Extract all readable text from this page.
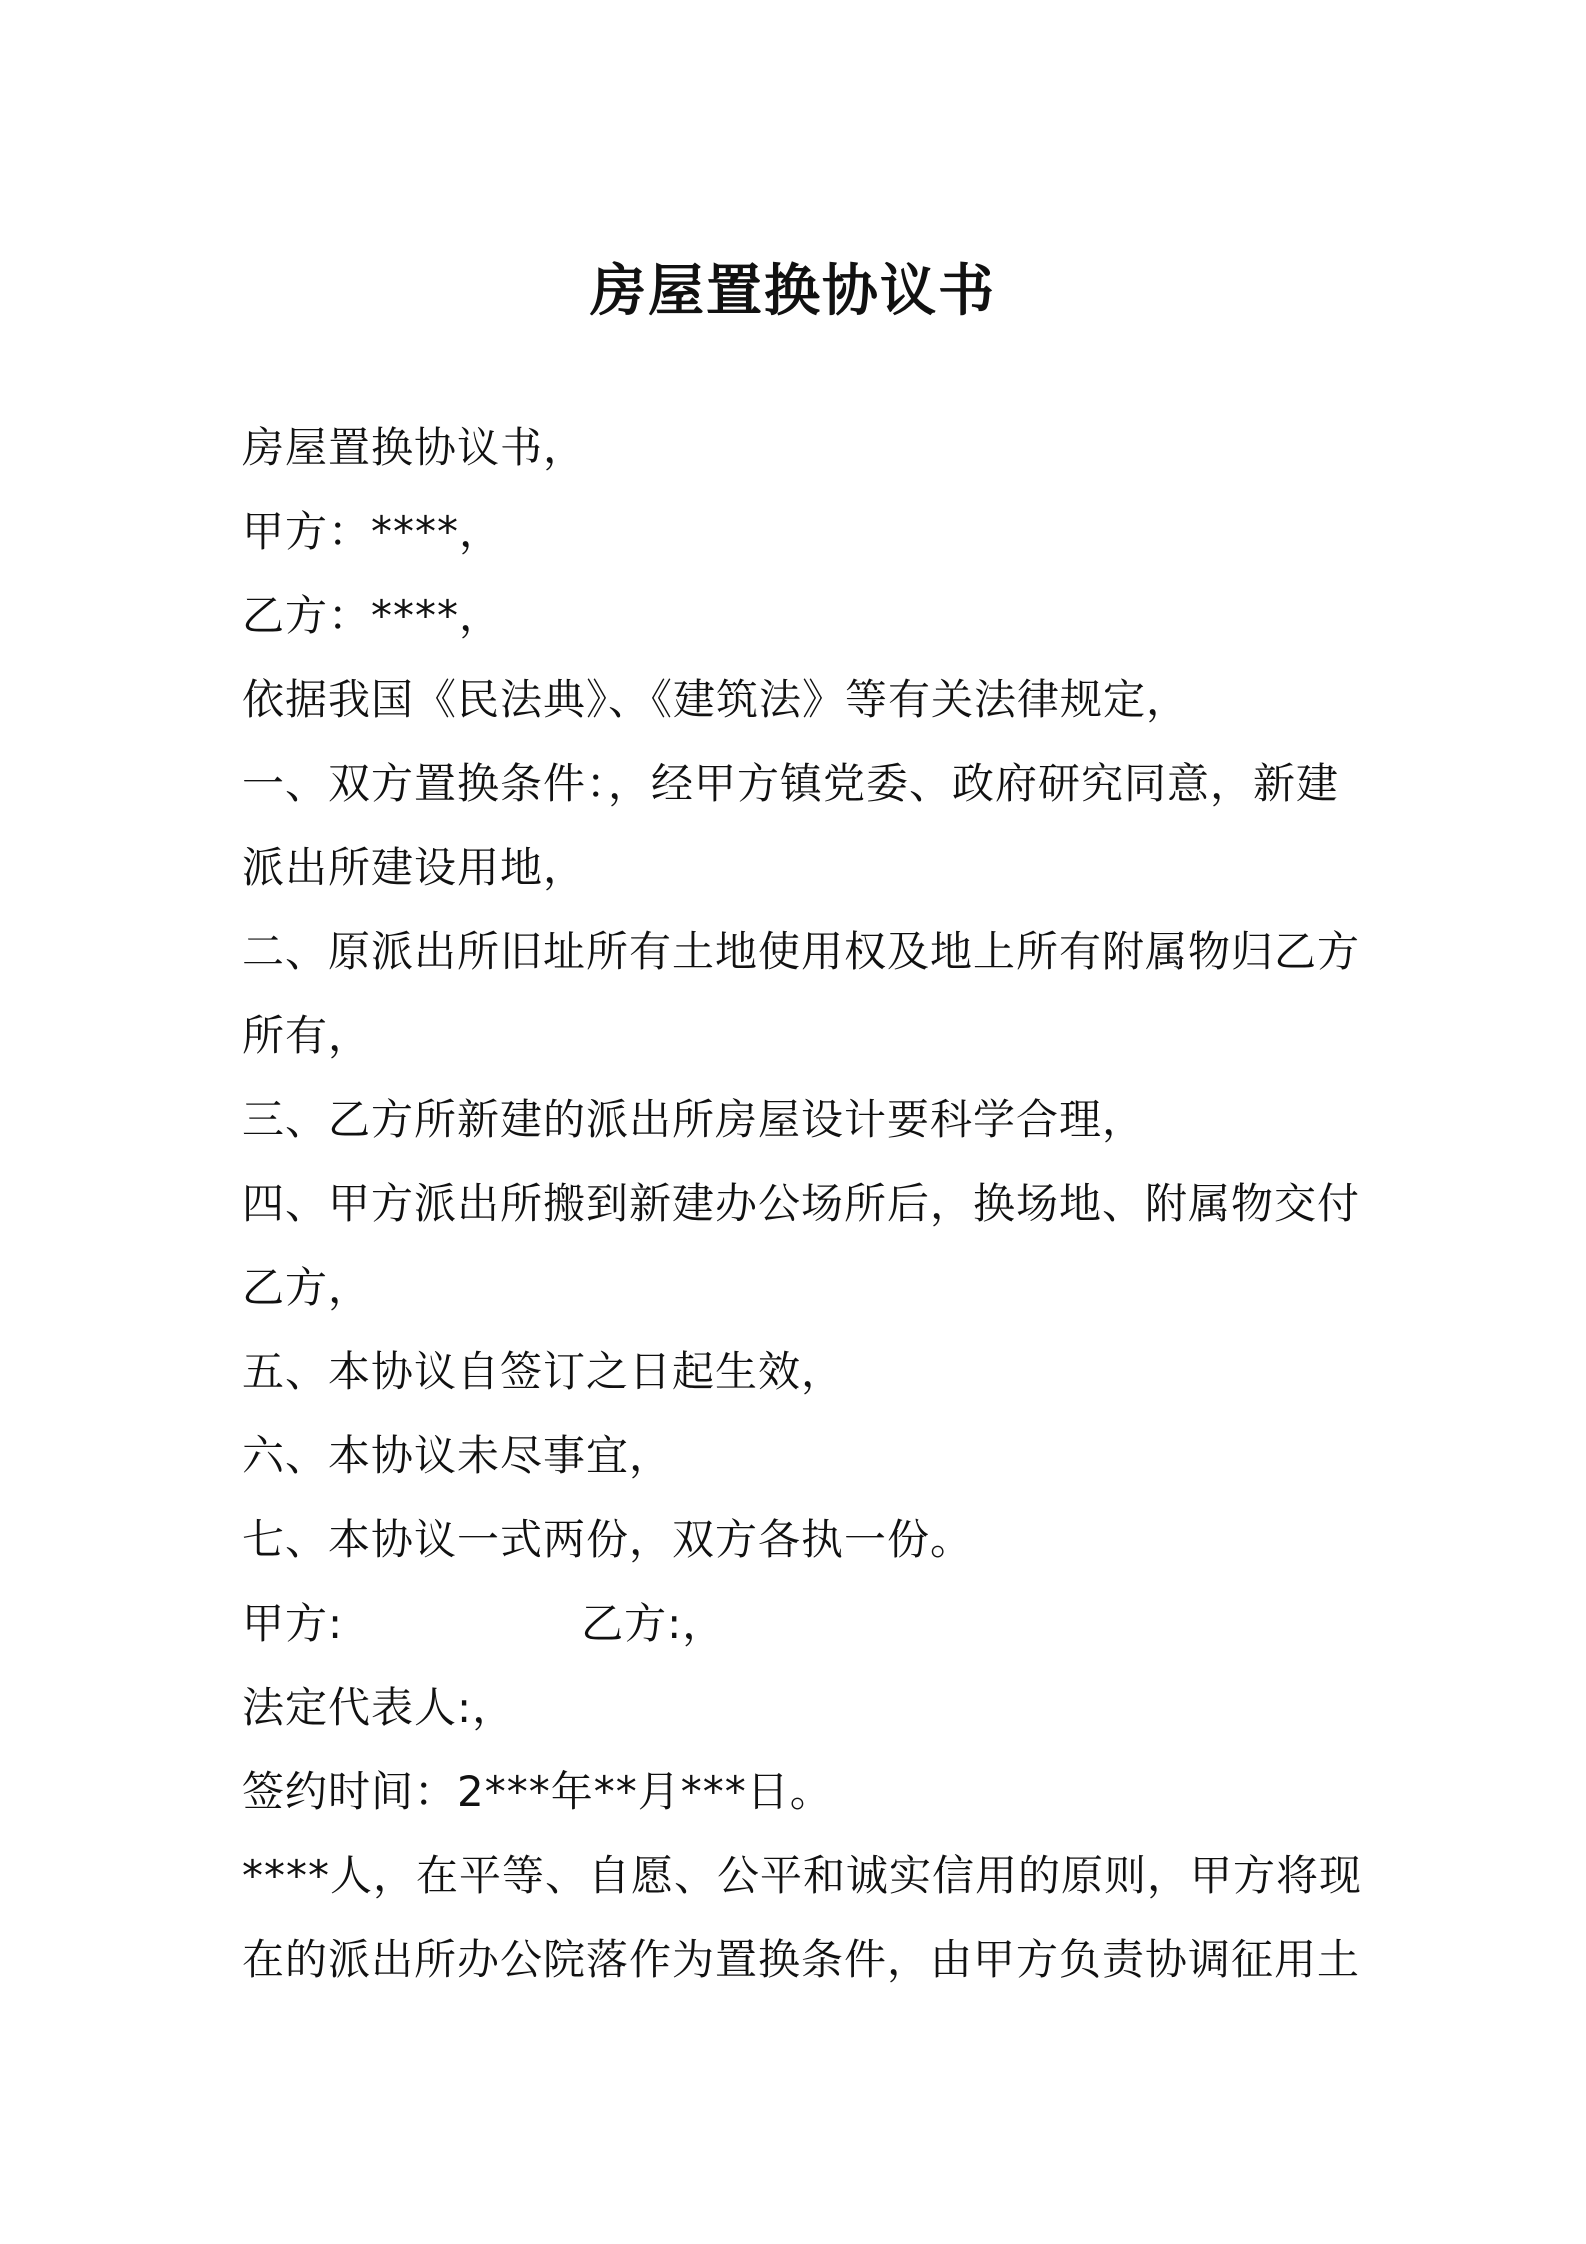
房屋置换协议书
房屋置换协议书，
甲方：****，
乙方：****，
依据我国《民法典》、《建筑法》等有关法律规定，
一、双方置换条件：，经甲方镇党委、政府研究同意，新建
派出所建设用地，
二、原派出所旧址所有土地使用权及地上所有附属物归乙方
所有，
三、乙方所新建的派出所房屋设计要科学合理，
四、甲方派出所搬到新建办公场所后，换场地、附属物交付
乙方，
五、本协议自签订之日起生效，
六、本协议未尽事宜，
七、本协议一式两份，双方各执一份。
甲方:	乙方:，
法定代表人:，
签约时间：2***年**月***日。
****人，在平等、自愿、公平和诚实信用的原则，甲方将现
在的派出所办公院落作为置换条件，由甲方负责协调征用土
